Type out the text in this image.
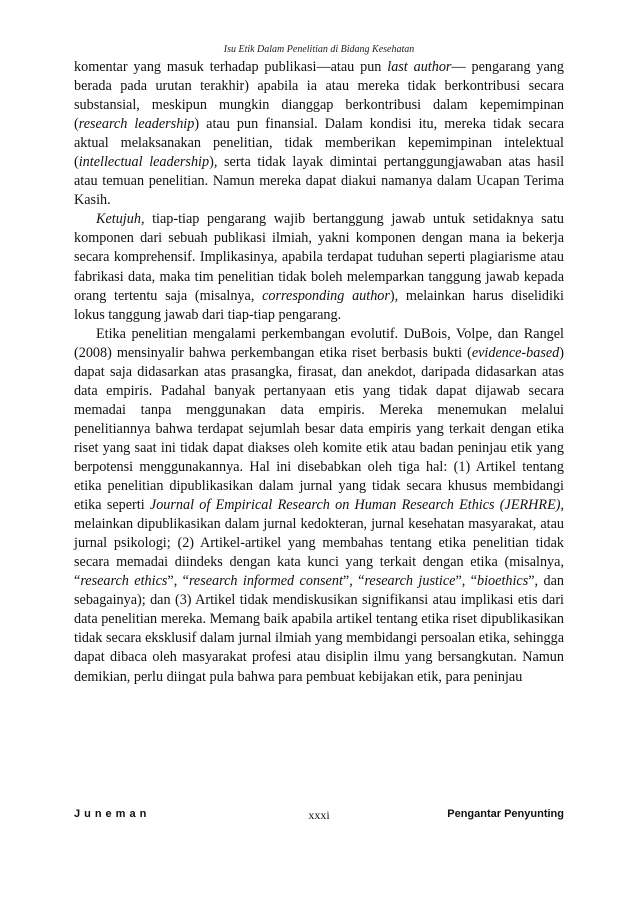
Isu Etik Dalam Penelitian di Bidang Kesehatan

komentar yang masuk terhadap publikasi—atau pun last author— pengarang yang berada pada urutan terakhir) apabila ia atau mereka tidak berkontribusi secara substansial, meskipun mungkin dianggap berkontribusi dalam kepemimpinan (research leadership) atau pun finansial. Dalam kondisi itu, mereka tidak secara aktual melaksanakan penelitian, tidak memberikan kepemimpinan intelektual (intellectual leadership), serta tidak layak dimintai pertanggungjawaban atas hasil atau temuan penelitian. Namun mereka dapat diakui namanya dalam Ucapan Terima Kasih.

Ketujuh, tiap-tiap pengarang wajib bertanggung jawab untuk setidaknya satu komponen dari sebuah publikasi ilmiah, yakni komponen dengan mana ia bekerja secara komprehensif. Implikasinya, apabila terdapat tuduhan seperti plagiarisme atau fabrikasi data, maka tim penelitian tidak boleh melemparkan tanggung jawab kepada orang tertentu saja (misalnya, corresponding author), melainkan harus diselidiki lokus tanggung jawab dari tiap-tiap pengarang.

Etika penelitian mengalami perkembangan evolutif. DuBois, Volpe, dan Rangel (2008) mensinyalir bahwa perkembangan etika riset berbasis bukti (evidence-based) dapat saja didasarkan atas prasangka, firasat, dan anekdot, daripada didasarkan atas data empiris. Padahal banyak pertanyaan etis yang tidak dapat dijawab secara memadai tanpa menggunakan data empiris. Mereka menemukan melalui penelitiannya bahwa terdapat sejumlah besar data empiris yang terkait dengan etika riset yang saat ini tidak dapat diakses oleh komite etik atau badan peninjau etik yang berpotensi menggunakannya. Hal ini disebabkan oleh tiga hal: (1) Artikel tentang etika penelitian dipublikasikan dalam jurnal yang tidak secara khusus membidangi etika seperti Journal of Empirical Research on Human Research Ethics (JERHRE), melainkan dipublikasikan dalam jurnal kedokteran, jurnal kesehatan masyarakat, atau jurnal psikologi; (2) Artikel-artikel yang membahas tentang etika penelitian tidak secara memadai diindeks dengan kata kunci yang terkait dengan etika (misalnya, “research ethics”, “research informed consent”, “research justice”, “bioethics”, dan sebagainya); dan (3) Artikel tidak mendiskusikan signifikansi atau implikasi etis dari data penelitian mereka. Memang baik apabila artikel tentang etika riset dipublikasikan tidak secara eksklusif dalam jurnal ilmiah yang membidangi persoalan etika, sehingga dapat dibaca oleh masyarakat profesi atau disiplin ilmu yang bersangkutan. Namun demikian, perlu diingat pula bahwa para pembuat kebijakan etik, para peninjau

Juneman	xxxi	Pengantar Penyunting
